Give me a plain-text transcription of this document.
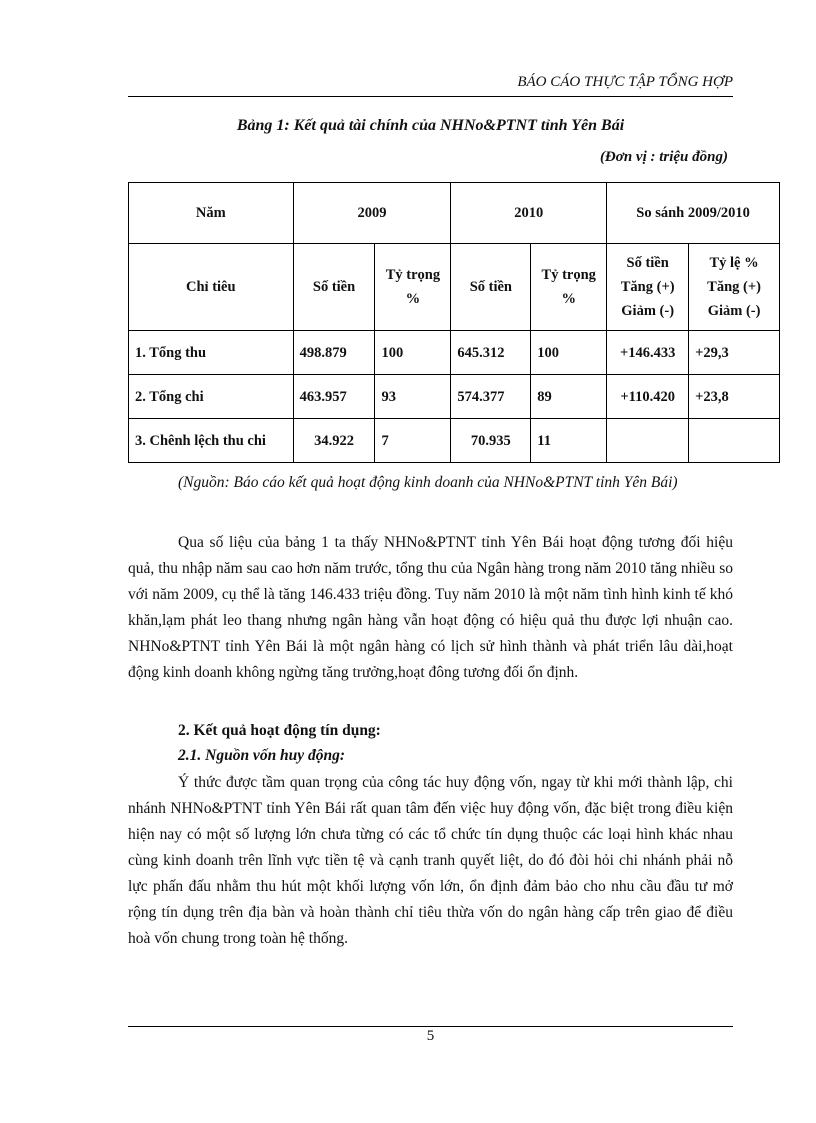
BÁO CÁO THỰC TẬP TỔNG HỢP
Bảng 1: Kết quả tài chính của NHNo&PTNT tỉnh Yên Bái
(Đơn vị : triệu đồng)
Năm	2009		2010		So sánh 2009/2010	
Chỉ tiêu	Số tiền	Tỷ trọng %	Số tiền	Tỷ trọng %	Số tiền Tăng (+) Giảm (-)	Tỷ lệ % Tăng (+) Giảm (-)
1. Tổng thu	498.879	100	645.312	100	+146.433	+29,3
2. Tổng chi	463.957	93	574.377	89	+110.420	+23,8
3. Chênh lệch thu chi	34.922	7	70.935	11		
(Nguồn: Báo cáo kết quả hoạt động kinh doanh của NHNo&PTNT tỉnh Yên Bái)
Qua số liệu của bảng 1 ta thấy NHNo&PTNT tỉnh Yên Bái hoạt động tương đối hiệu quả, thu nhập năm sau cao hơn năm trước, tổng thu của Ngân hàng trong năm 2010 tăng nhiều so với năm 2009, cụ thể là tăng 146.433 triệu đồng. Tuy năm 2010 là một năm tình hình kinh tế khó khăn,lạm phát leo thang nhưng ngân hàng vẫn hoạt động có hiệu quả thu được lợi nhuận cao. NHNo&PTNT tỉnh Yên Bái là một ngân hàng có lịch sử hình thành và phát triển lâu dài,hoạt động kinh doanh không ngừng tăng trưởng,hoạt đông tương đối ổn định.
2. Kết quả hoạt động tín dụng:
2.1. Nguồn vốn huy động:
Ý thức được tầm quan trọng của công tác huy động vốn, ngay từ khi mới thành lập, chi nhánh NHNo&PTNT tỉnh Yên Bái rất quan tâm đến việc huy động vốn, đặc biệt trong điều kiện hiện nay có một số lượng lớn chưa từng có các tổ chức tín dụng thuộc các loại hình khác nhau cùng kinh doanh trên lĩnh vực tiền tệ và cạnh tranh quyết liệt, do đó đòi hỏi chi nhánh phải nỗ lực phấn đấu nhằm thu hút một khối lượng vốn lớn, ổn định đảm bảo cho nhu cầu đầu tư mở rộng tín dụng trên địa bàn và hoàn thành chỉ tiêu thừa vốn do ngân hàng cấp trên giao để điều hoà vốn chung trong toàn hệ thống.
5
